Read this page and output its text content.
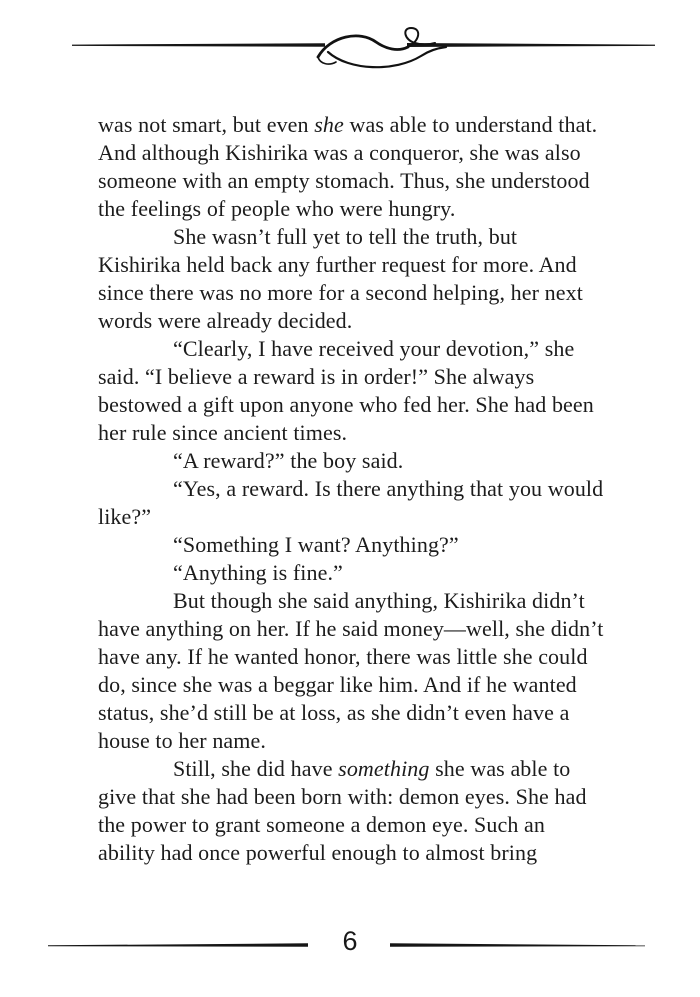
was not smart, but even she was able to understand that. And although Kishirika was a conqueror, she was also someone with an empty stomach. Thus, she understood the feelings of people who were hungry.

She wasn’t full yet to tell the truth, but Kishirika held back any further request for more. And since there was no more for a second helping, her next words were already decided.

“Clearly, I have received your devotion,” she said. “I believe a reward is in order!” She always bestowed a gift upon anyone who fed her. She had been her rule since ancient times.

“A reward?” the boy said.

“Yes, a reward. Is there anything that you would like?”

“Something I want? Anything?”

“Anything is fine.”

But though she said anything, Kishirika didn’t have anything on her. If he said money—well, she didn’t have any. If he wanted honor, there was little she could do, since she was a beggar like him. And if he wanted status, she’d still be at loss, as she didn’t even have a house to her name.

Still, she did have something she was able to give that she had been born with: demon eyes. She had the power to grant someone a demon eye. Such an ability had once powerful enough to almost bring

6
